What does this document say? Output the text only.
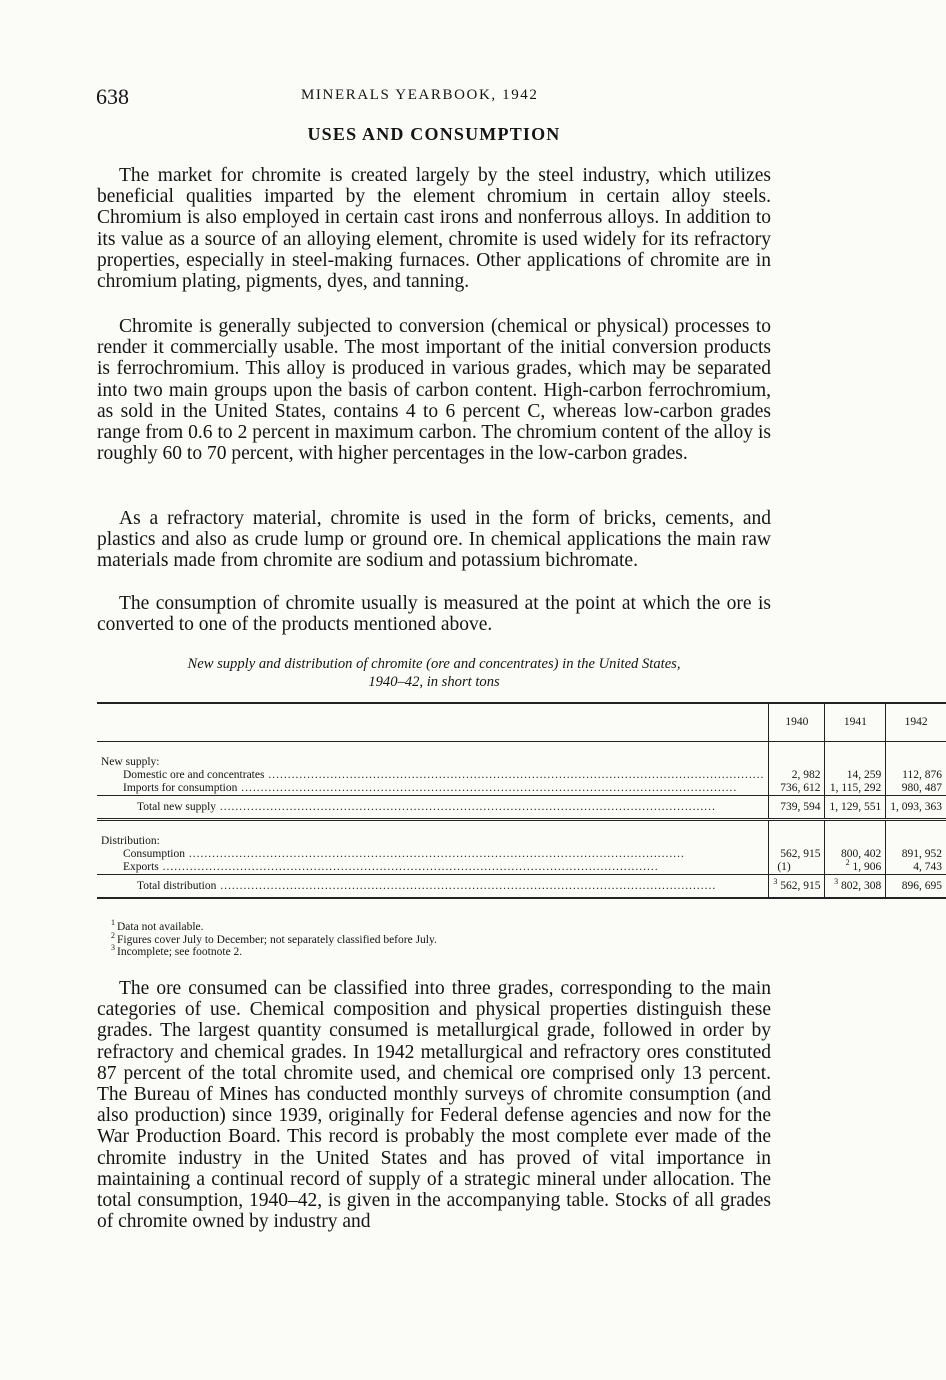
638	MINERALS YEARBOOK, 1942
USES AND CONSUMPTION

The market for chromite is created largely by the steel industry, which utilizes beneficial qualities imparted by the element chromium in certain alloy steels. Chromium is also employed in certain cast irons and nonferrous alloys. In addition to its value as a source of an alloying element, chromite is used widely for its refractory properties, especially in steel-making furnaces. Other applications of chromite are in chromium plating, pigments, dyes, and tanning.

Chromite is generally subjected to conversion (chemical or physical) processes to render it commercially usable. The most important of the initial conversion products is ferrochromium. This alloy is produced in various grades, which may be separated into two main groups upon the basis of carbon content. High-carbon ferrochromium, as sold in the United States, contains 4 to 6 percent C, whereas low-carbon grades range from 0.6 to 2 percent in maximum carbon. The chromium content of the alloy is roughly 60 to 70 percent, with higher percentages in the low-carbon grades.

As a refractory material, chromite is used in the form of bricks, cements, and plastics and also as crude lump or ground ore. In chemical applications the main raw materials made from chromite are sodium and potassium bichromate.

The consumption of chromite usually is measured at the point at which the ore is converted to one of the products mentioned above.

New supply and distribution of chromite (ore and concentrates) in the United States,
1940–42, in short tons
	1940	1941	1942

New supply:			
Domestic ore and concentrates .....	2, 982	14, 259	112, 876
Imports for consumption .....	736, 612	1, 115, 292	980, 487
Total new supply .....	739, 594	1, 129, 551	1, 093, 363

Distribution:			
Consumption .....	562, 915	800, 402	891, 952
Exports .....	(1)	$^2$ 1, 906	4, 743
Total distribution .....	$^3$ 562, 915	$^3$ 802, 308	896, 695
$^1$ Data not available.
$^2$ Figures cover July to December; not separately classified before July.
$^3$ Incomplete; see footnote 2.

The ore consumed can be classified into three grades, corresponding to the main categories of use. Chemical composition and physical properties distinguish these grades. The largest quantity consumed is metallurgical grade, followed in order by refractory and chemical grades. In 1942 metallurgical and refractory ores constituted 87 percent of the total chromite used, and chemical ore comprised only 13 percent. The Bureau of Mines has conducted monthly surveys of chromite consumption (and also production) since 1939, originally for Federal defense agencies and now for the War Production Board. This record is probably the most complete ever made of the chromite industry in the United States and has proved of vital importance in maintaining a continual record of supply of a strategic mineral under allocation. The total consumption, 1940–42, is given in the accompanying table. Stocks of all grades of chromite owned by industry and
